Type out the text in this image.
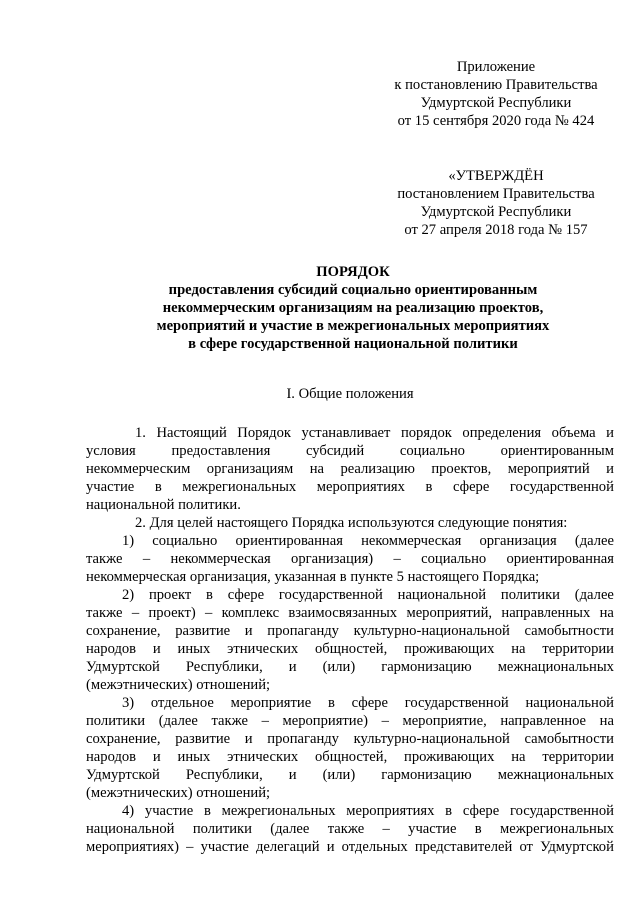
Приложение
к постановлению Правительства
Удмуртской Республики
от 15 сентября 2020 года № 424
«УТВЕРЖДЁН
постановлением Правительства
Удмуртской Республики
от 27 апреля 2018 года № 157
ПОРЯДОК
предоставления субсидий социально ориентированным
некоммерческим организациям на реализацию проектов,
мероприятий и участие в межрегиональных мероприятиях
в сфере государственной национальной политики
I. Общие положения
1. Настоящий Порядок устанавливает порядок определения объема и
условия предоставления субсидий социально ориентированным
некоммерческим организациям на реализацию проектов, мероприятий и
участие в межрегиональных мероприятиях в сфере государственной
национальной политики.
2. Для целей настоящего Порядка используются следующие понятия:
1) социально ориентированная некоммерческая организация (далее
также – некоммерческая организация) – социально ориентированная
некоммерческая организация, указанная в пункте 5 настоящего Порядка;
2) проект в сфере государственной национальной политики (далее
также – проект) – комплекс взаимосвязанных мероприятий, направленных на
сохранение, развитие и пропаганду культурно-национальной самобытности
народов и иных этнических общностей, проживающих на территории
Удмуртской Республики, и (или) гармонизацию межнациональных
(межэтнических) отношений;
3) отдельное мероприятие в сфере государственной национальной
политики (далее также – мероприятие) – мероприятие, направленное на
сохранение, развитие и пропаганду культурно-национальной самобытности
народов и иных этнических общностей, проживающих на территории
Удмуртской Республики, и (или) гармонизацию межнациональных
(межэтнических) отношений;
4) участие в межрегиональных мероприятиях в сфере государственной
национальной политики (далее также – участие в межрегиональных
мероприятиях) – участие делегаций и отдельных представителей от Удмуртской
